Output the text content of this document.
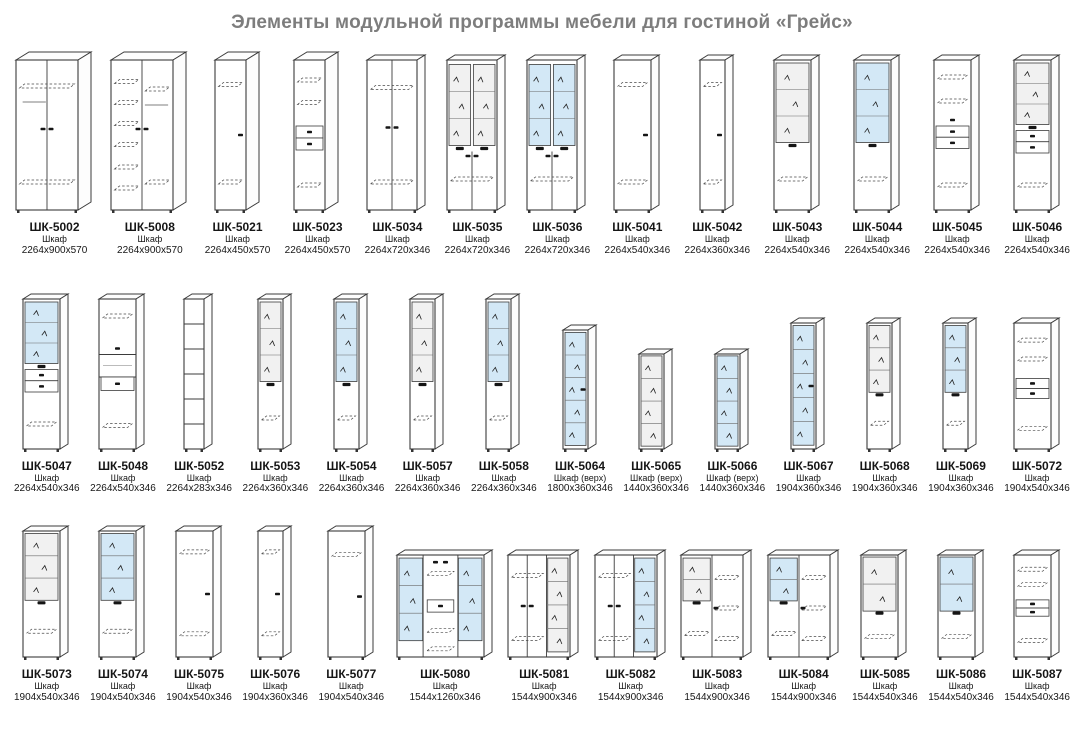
Элементы модульной программы мебели для гостиной «Грейс»
ШК-5002
Шкаф
2264x900x570
ШК-5008
Шкаф
2264x900x570
ШК-5021
Шкаф
2264x450x570
ШК-5023
Шкаф
2264x450x570
ШК-5034
Шкаф
2264x720x346
ШК-5035
Шкаф
2264x720x346
ШК-5036
Шкаф
2264x720x346
ШК-5041
Шкаф
2264x540x346
ШК-5042
Шкаф
2264x360x346
ШК-5043
Шкаф
2264x540x346
ШК-5044
Шкаф
2264x540x346
ШК-5045
Шкаф
2264x540x346
ШК-5046
Шкаф
2264x540x346
ШК-5047
Шкаф
2264x540x346
ШК-5048
Шкаф
2264x540x346
ШК-5052
Шкаф
2264x283x346
ШК-5053
Шкаф
2264x360x346
ШК-5054
Шкаф
2264x360x346
ШК-5057
Шкаф
2264x360x346
ШК-5058
Шкаф
2264x360x346
ШК-5064
Шкаф (верх)
1800x360x346
ШК-5065
Шкаф (верх)
1440x360x346
ШК-5066
Шкаф (верх)
1440x360x346
ШК-5067
Шкаф
1904x360x346
ШК-5068
Шкаф
1904x360x346
ШК-5069
Шкаф
1904x360x346
ШК-5072
Шкаф
1904x540x346
ШК-5073
Шкаф
1904x540x346
ШК-5074
Шкаф
1904x540x346
ШК-5075
Шкаф
1904x540x346
ШК-5076
Шкаф
1904x360x346
ШК-5077
Шкаф
1904x540x346
ШК-5080
Шкаф
1544x1260x346
ШК-5081
Шкаф
1544x900x346
ШК-5082
Шкаф
1544x900x346
ШК-5083
Шкаф
1544x900x346
ШК-5084
Шкаф
1544x900x346
ШК-5085
Шкаф
1544x540x346
ШК-5086
Шкаф
1544x540x346
ШК-5087
Шкаф
1544x540x346
